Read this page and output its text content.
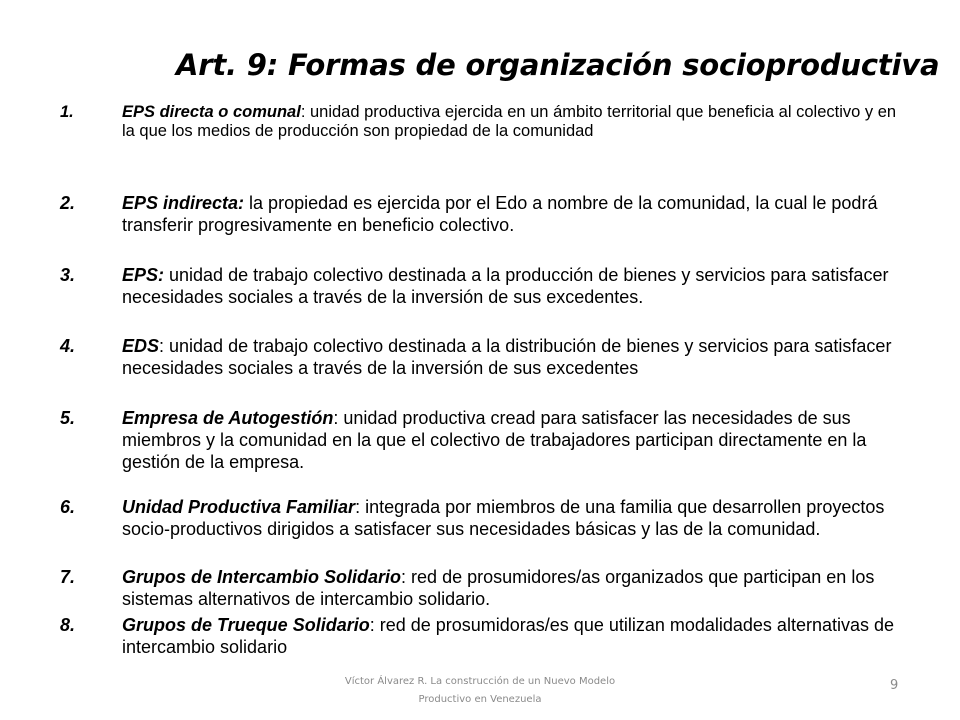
Art. 9: Formas de organización socioproductiva
1.	EPS directa o comunal: unidad productiva ejercida en un ámbito territorial que beneficia al colectivo y en la que los medios de producción son propiedad de la comunidad
2.	EPS indirecta: la propiedad es ejercida por el Edo a nombre de la comunidad, la cual le podrá transferir progresivamente en beneficio colectivo.
3.	EPS: unidad de trabajo colectivo destinada a la producción de bienes y servicios para satisfacer necesidades sociales a través de la inversión de sus excedentes.
4.	EDS: unidad de trabajo colectivo destinada a la distribución de bienes y servicios para satisfacer necesidades sociales a través de la inversión de sus excedentes
5.	Empresa de Autogestión: unidad productiva cread para satisfacer las necesidades de sus miembros y la comunidad en la que el colectivo de trabajadores participan directamente en la gestión de la empresa.
6.	Unidad Productiva Familiar: integrada por miembros de una familia que desarrollen proyectos socio-productivos dirigidos a satisfacer sus necesidades básicas y las de la comunidad.
7.	Grupos de Intercambio Solidario: red de prosumidores/as organizados que participan en los sistemas alternativos de intercambio solidario.
8.	Grupos de Trueque Solidario: red de prosumidoras/es que utilizan modalidades alternativas de intercambio solidario
Víctor Álvarez R. La construcción de un Nuevo Modelo
Productivo en Venezuela
9
